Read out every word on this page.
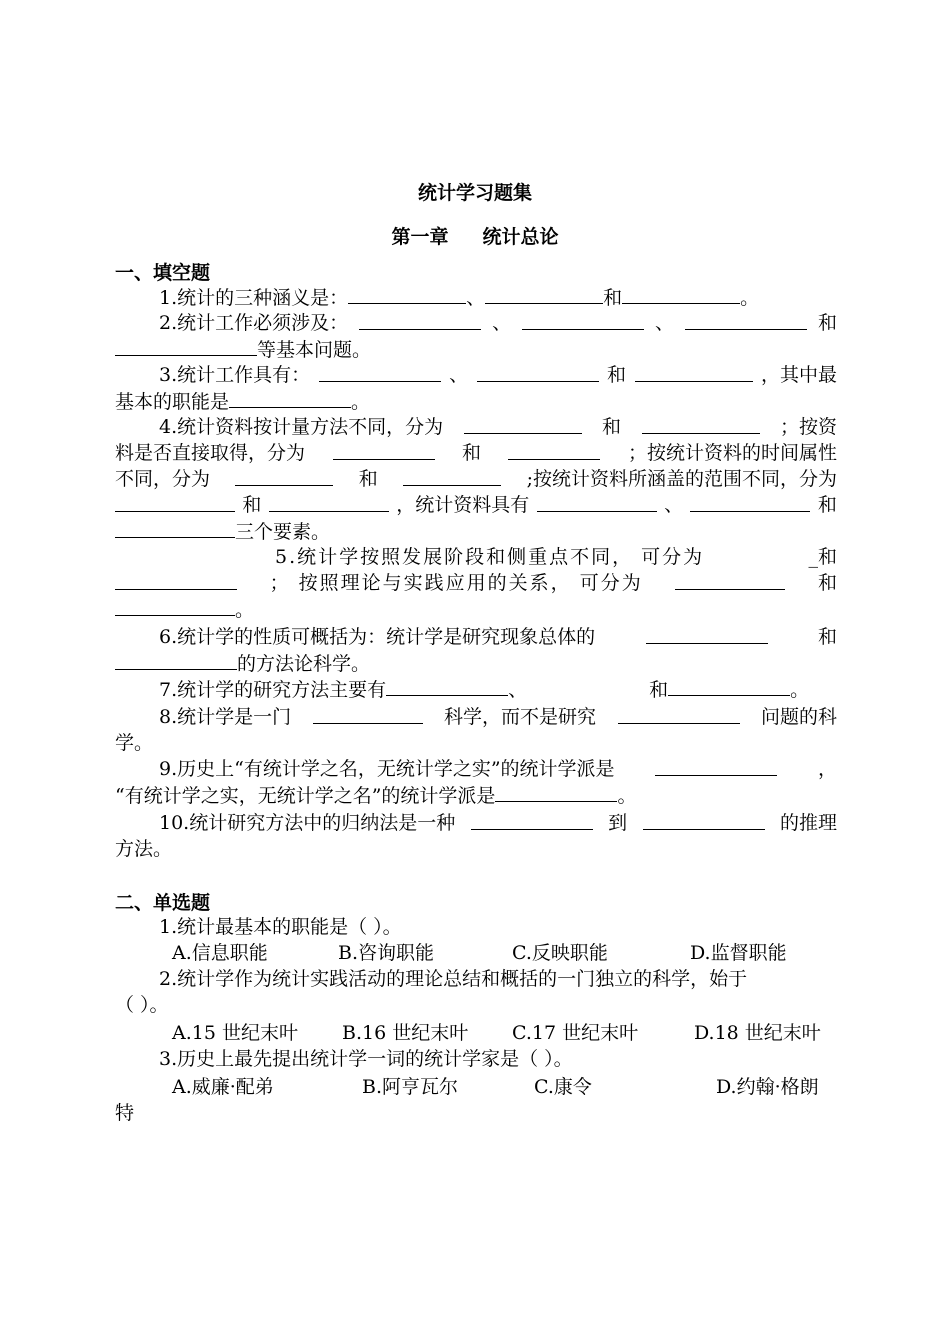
统计学习题集
第一章 统计总论
一、填空题
1.统计的三种涵义是：	、	和	。
2.统计工作必须涉及：	、	、	和
等基本问题。
3.统计工作具有：	、	和	，其中最
基本的职能是	。
4.统计资料按计量方法不同，分为	和	；按资
料是否直接取得，分为	和	；按统计资料的时间属性
不同，分为	和	;按统计资料所涵盖的范围不同，分为
和	，统计资料具有	、	和
三个要素。
5.统计学按照发展阶段和侧重点不同， 可分为	_和
； 按照理论与实践应用的关系， 可分为	和
。
6.统计学的性质可概括为：统计学是研究现象总体的	和
的方法论科学。
7.统计学的研究方法主要有	、	和	。
8.统计学是一门	科学，而不是研究	问题的科
学。
9.历史上“有统计学之名，无统计学之实”的统计学派是	，
“有统计学之实，无统计学之名”的统计学派是	。
10.统计研究方法中的归纳法是一种	到	的推理
方法。
二、单选题
1.统计最基本的职能是（ ）。
A.信息职能	B.咨询职能	C.反映职能	D.监督职能
2.统计学作为统计实践活动的理论总结和概括的一门独立的科学，始于
（ ）。
A.15 世纪末叶 B.16 世纪末叶 C.17 世纪末叶	D.18 世纪末叶
3.历史上最先提出统计学一词的统计学家是（ ）。
A.威廉·配弟	B.阿亨瓦尔	C.康令	D.约翰·格朗
特
